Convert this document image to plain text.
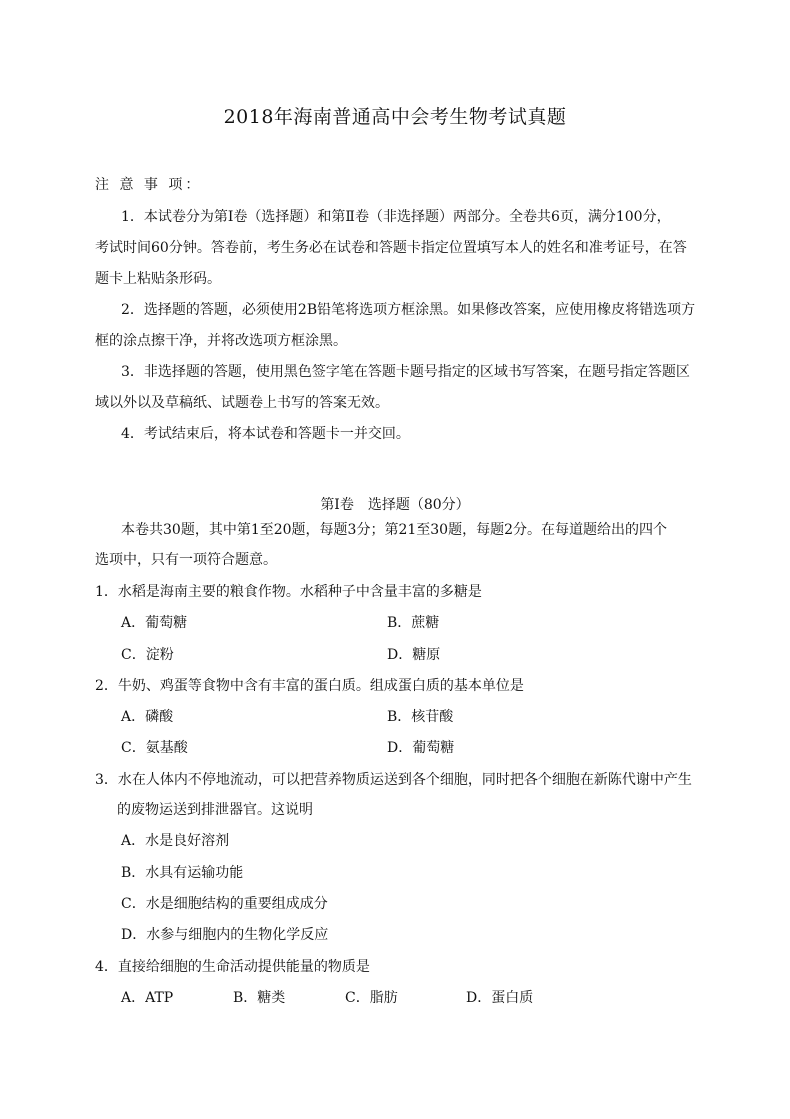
2018年海南普通高中会考生物考试真题
注 意 事 项：
1．本试卷分为第Ⅰ卷（选择题）和第Ⅱ卷（非选择题）两部分。全卷共6页，满分100分，
考试时间60分钟。答卷前，考生务必在试卷和答题卡指定位置填写本人的姓名和准考证号，在答
题卡上粘贴条形码。
2．选择题的答题，必须使用2B铅笔将选项方框涂黑。如果修改答案，应使用橡皮将错选项方
框的涂点擦干净，并将改选项方框涂黑。
3．非选择题的答题，使用黑色签字笔在答题卡题号指定的区域书写答案，在题号指定答题区
域以外以及草稿纸、试题卷上书写的答案无效。
4．考试结束后，将本试卷和答题卡一并交回。
第Ⅰ卷　选择题（80分）
本卷共30题，其中第1至20题，每题3分；第21至30题，每题2分。在每道题给出的四个
选项中，只有一项符合题意。
1．水稻是海南主要的粮食作物。水稻种子中含量丰富的多糖是
A．葡萄糖	B．蔗糖
C．淀粉	D．糖原
2．牛奶、鸡蛋等食物中含有丰富的蛋白质。组成蛋白质的基本单位是
A．磷酸	B．核苷酸
C．氨基酸	D．葡萄糖
3．水在人体内不停地流动，可以把营养物质运送到各个细胞，同时把各个细胞在新陈代谢中产生
的废物运送到排泄器官。这说明
A．水是良好溶剂
B．水具有运输功能
C．水是细胞结构的重要组成成分
D．水参与细胞内的生物化学反应
4．直接给细胞的生命活动提供能量的物质是
A．ATP	B．糖类	C．脂肪	D．蛋白质
